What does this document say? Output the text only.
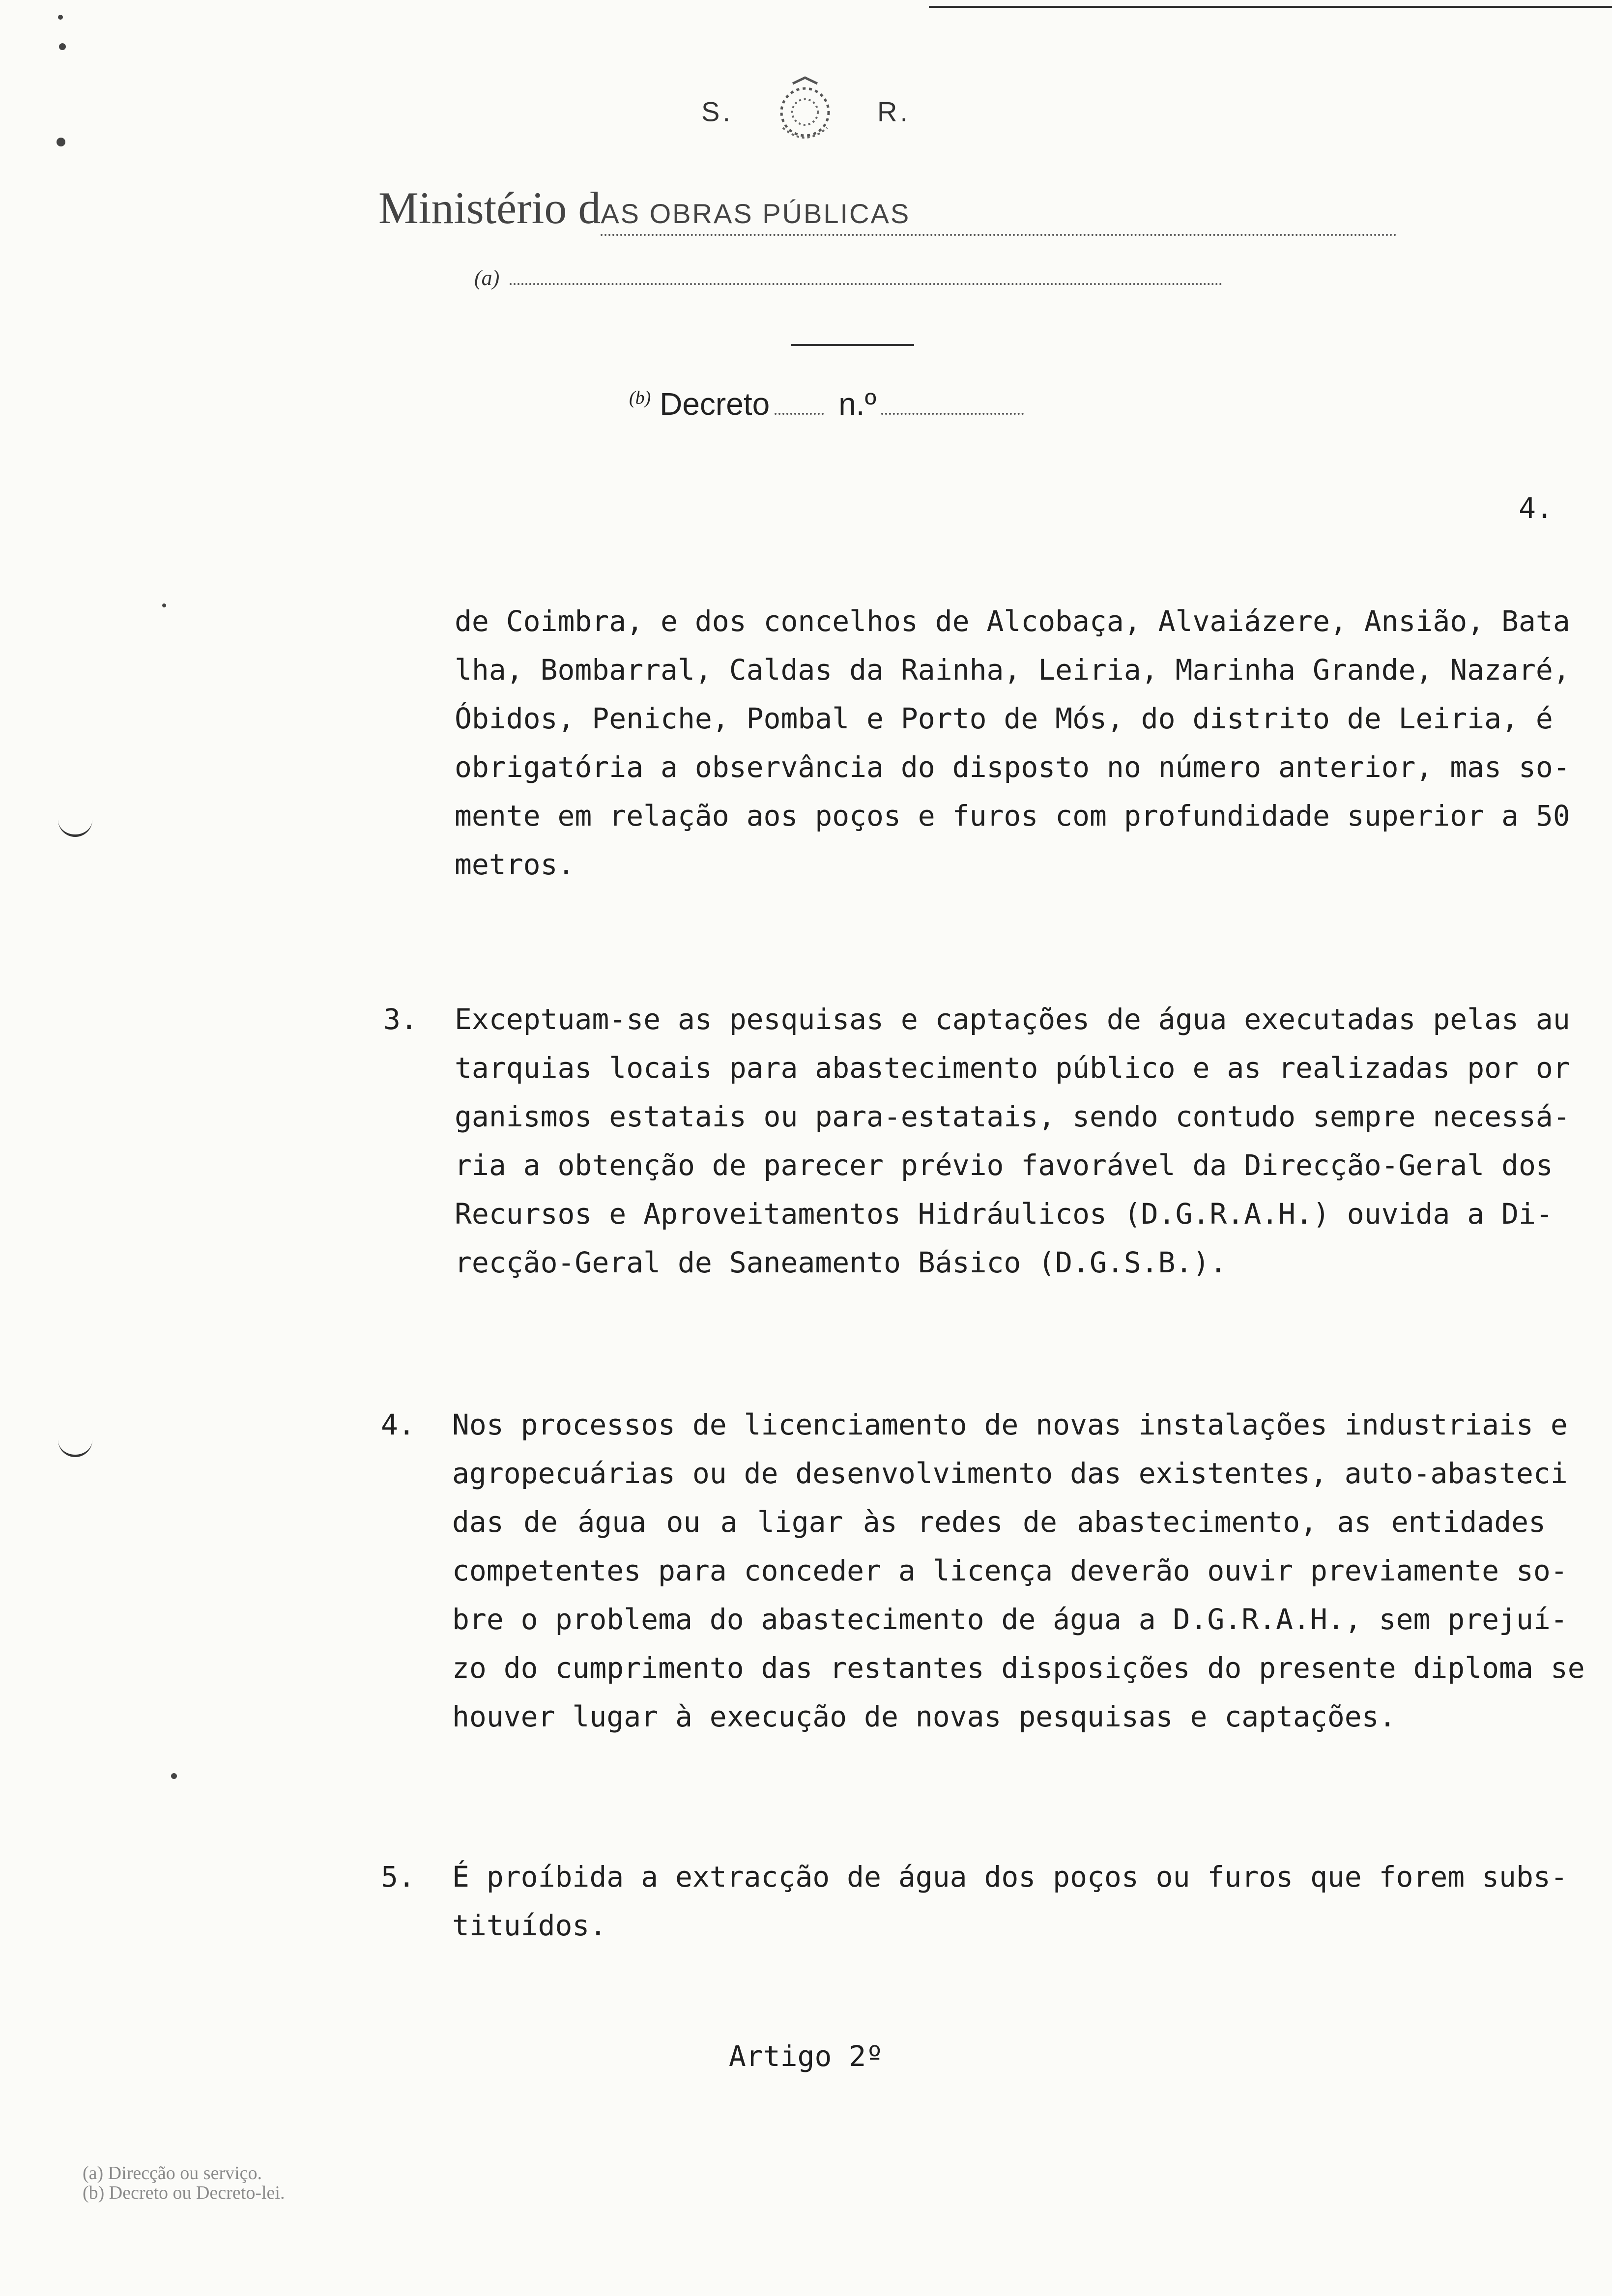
S.	R.
Ministério dAS OBRAS PÚBLICAS
(a)
$^{(b)}$ Decreto n.º
4.
de Coimbra, e dos concelhos de Alcobaça, Alvaiázere, Ansião, Bata
lha, Bombarral, Caldas da Rainha, Leiria, Marinha Grande, Nazaré,
Óbidos, Peniche, Pombal e Porto de Mós, do distrito de Leiria, é
obrigatória a observância do disposto no número anterior, mas so-
mente em relação aos poços e furos com profundidade superior a 50
metros.
3. Exceptuam-se as pesquisas e captações de água executadas pelas au
tarquias locais para abastecimento público e as realizadas por or
ganismos estatais ou para-estatais, sendo contudo sempre necessá-
ria a obtenção de parecer prévio favorável da Direcção-Geral dos
Recursos e Aproveitamentos Hidráulicos (D.G.R.A.H.) ouvida a Di-
recção-Geral de Saneamento Básico (D.G.S.B.).
4. Nos processos de licenciamento de novas instalações industriais e
agropecuárias ou de desenvolvimento das existentes, auto-abasteci
das de água ou a ligar às redes de abastecimento, as entidades
competentes para conceder a licença deverão ouvir previamente so-
bre o problema do abastecimento de água a D.G.R.A.H., sem prejuí-
zo do cumprimento das restantes disposições do presente diploma se
houver lugar à execução de novas pesquisas e captações.
5. É proíbida a extracção de água dos poços ou furos que forem subs-
tituídos.
Artigo 2º
(a) Direcção ou serviço.
(b) Decreto ou Decreto-lei.
